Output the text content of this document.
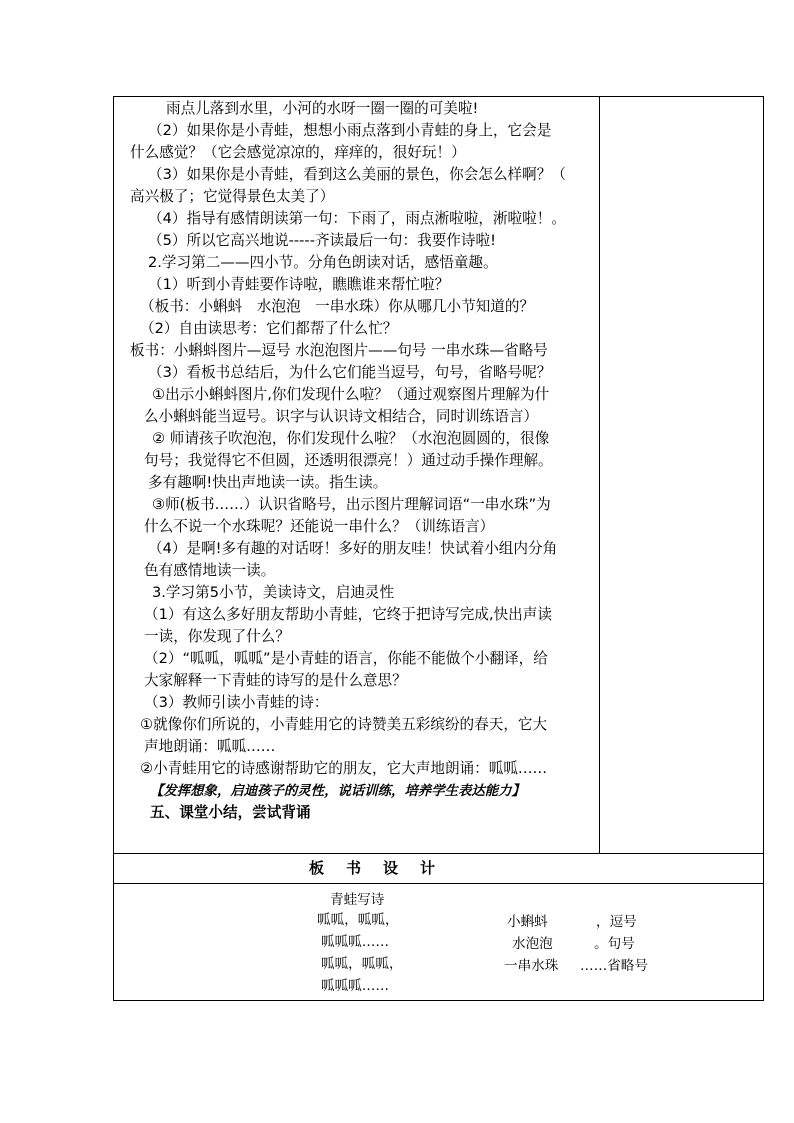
雨点儿落到水里，小河的水呀一圈一圈的可美啦!
（2）如果你是小青蛙，想想小雨点落到小青蛙的身上，它会是
什么感觉？（它会感觉凉凉的，痒痒的，很好玩！）
（3）如果你是小青蛙，看到这么美丽的景色，你会怎么样啊？（
高兴极了；它觉得景色太美了）
（4）指导有感情朗读第一句：下雨了，雨点淅啦啦，淅啦啦！。
（5）所以它高兴地说-----齐读最后一句：我要作诗啦!
2.学习第二——四小节。分角色朗读对话，感悟童趣。
（1）听到小青蛙要作诗啦，瞧瞧谁来帮忙啦？
（板书：小蝌蚪　水泡泡　一串水珠）你从哪几小节知道的？
（2）自由读思考：它们都帮了什么忙？
板书：小蝌蚪图片—逗号 水泡泡图片——句号 一串水珠—省略号
（3）看板书总结后，为什么它们能当逗号，句号，省略号呢？
①出示小蝌蚪图片,你们发现什么啦？（通过观察图片理解为什
么小蝌蚪能当逗号。识字与认识诗文相结合，同时训练语言）
② 师请孩子吹泡泡，你们发现什么啦？（水泡泡圆圆的，很像
句号；我觉得它不但圆，还透明很漂亮！）通过动手操作理解。
多有趣啊!快出声地读一读。指生读。
③师(板书……）认识省略号，出示图片理解词语“一串水珠”为
什么不说一个水珠呢？还能说一串什么？（训练语言）
（4）是啊!多有趣的对话呀！多好的朋友哇！快试着小组内分角
色有感情地读一读。
3.学习第5小节，美读诗文，启迪灵性
（1）有这么多好朋友帮助小青蛙，它终于把诗写完成,快出声读
一读，你发现了什么？
（2）“呱呱，呱呱”是小青蛙的语言，你能不能做个小翻译，给
大家解释一下青蛙的诗写的是什么意思？
（3）教师引读小青蛙的诗：
①就像你们所说的，小青蛙用它的诗赞美五彩缤纷的春天，它大
声地朗诵：呱呱……
②小青蛙用它的诗感谢帮助它的朋友，它大声地朗诵：呱呱……
【发挥想象，启迪孩子的灵性，说话训练，培养学生表达能力】
五、课堂小结，尝试背诵
板书设计
青蛙写诗
呱呱，呱呱，
呱呱呱……
呱呱，呱呱，
呱呱呱……
小蝌蚪	，逗号
水泡泡	。句号
一串水珠 ……省略号
